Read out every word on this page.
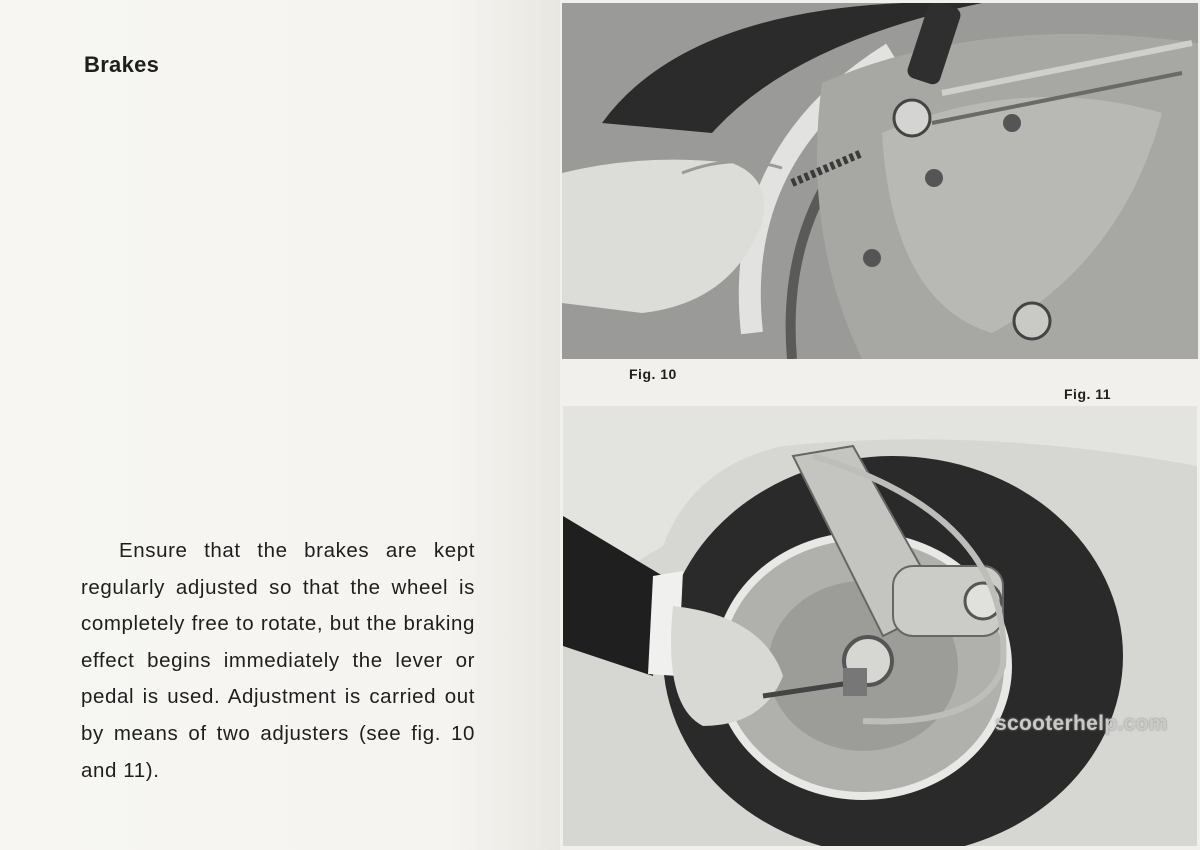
Brakes

Ensure that the brakes are kept regularly adjusted so that the wheel is completely free to rotate, but the braking effect begins immediately the lever or pedal is used. Adjustment is carried out by means of two adjusters (see fig. 10 and 11).

Fig. 10
Fig. 11
scooterhelp.com
